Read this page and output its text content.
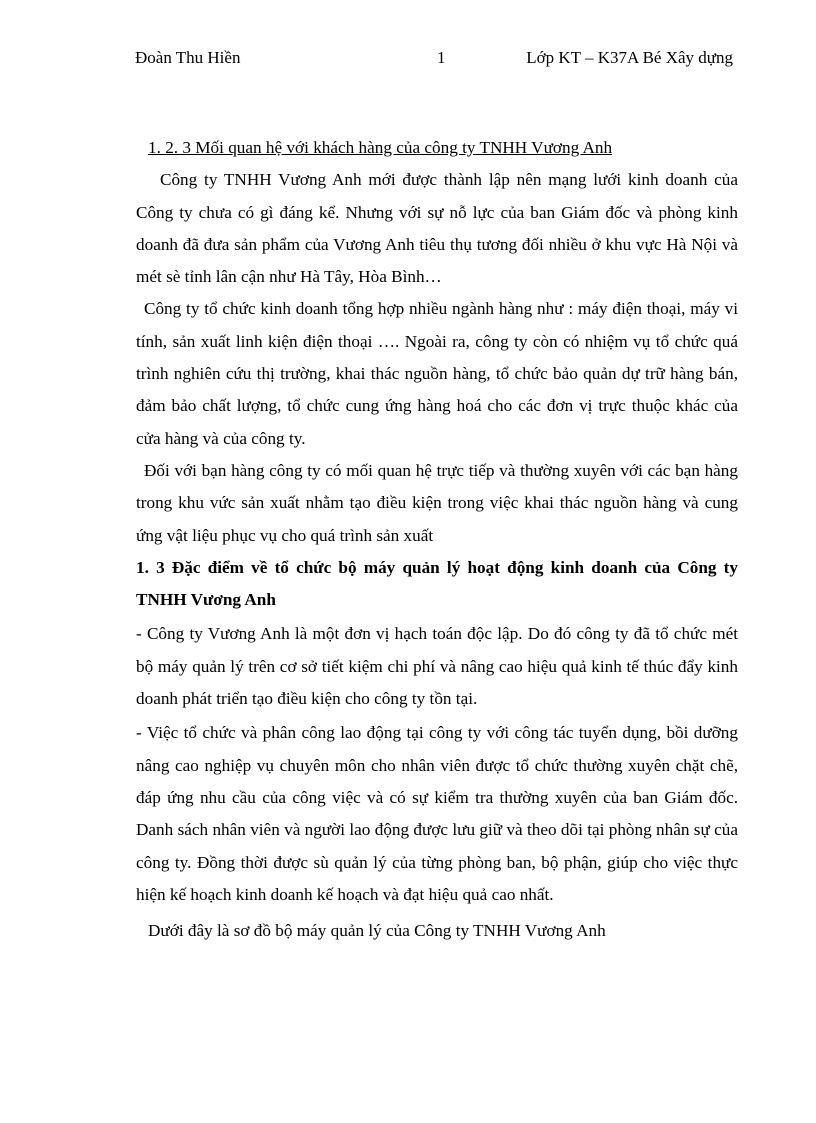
Đoàn Thu Hiền	1	Lớp KT – K37A Bé Xây dựng

1. 2. 3 Mối quan hệ với khách hàng của công ty TNHH Vương Anh

Công ty TNHH Vương Anh mới được thành lập nên mạng lưới kinh doanh của Công ty chưa có gì đáng kể. Nhưng với sự nỗ lực của ban Giám đốc và phòng kinh doanh đã đưa sản phẩm của Vương Anh tiêu thụ tương đối nhiều ở khu vực Hà Nội và mét sè tỉnh lân cận như Hà Tây, Hòa Bình…

Công ty tổ chức kinh doanh tổng hợp nhiều ngành hàng như : máy điện thoại, máy vi tính, sản xuất linh kiện điện thoại …. Ngoài ra, công ty còn có nhiệm vụ tổ chức quá trình nghiên cứu thị trường, khai thác nguồn hàng, tổ chức bảo quản dự trữ hàng bán, đảm bảo chất lượng, tổ chức cung ứng hàng hoá cho các đơn vị trực thuộc khác của cửa hàng và của công ty.

Đối với bạn hàng công ty có mối quan hệ trực tiếp và thường xuyên với các bạn hàng trong khu vức sản xuất nhằm tạo điều kiện trong việc khai thác nguồn hàng và cung ứng vật liệu phục vụ cho quá trình sản xuất

1. 3 Đặc điểm về tổ chức bộ máy quản lý hoạt động kinh doanh của Công ty TNHH Vương Anh

- Công ty Vương Anh là một đơn vị hạch toán độc lập. Do đó công ty đã tổ chức mét bộ máy quản lý trên cơ sở tiết kiệm chi phí và nâng cao hiệu quả kinh tế thúc đẩy kinh doanh phát triển tạo điều kiện cho công ty tồn tại.

- Việc tổ chức và phân công lao động tại công ty với công tác tuyển dụng, bồi dưỡng nâng cao nghiệp vụ chuyên môn cho nhân viên được tổ chức thường xuyên chặt chẽ, đáp ứng nhu cầu của công việc và có sự kiểm tra thường xuyên của ban Giám đốc. Danh sách nhân viên và người lao động được lưu giữ và theo dõi tại phòng nhân sự của công ty. Đồng thời được sù quản lý của từng phòng ban, bộ phận, giúp cho việc thực hiện kế hoạch kinh doanh kế hoạch và đạt hiệu quả cao nhất.

Dưới đây là sơ đồ bộ máy quản lý của Công ty TNHH Vương Anh
